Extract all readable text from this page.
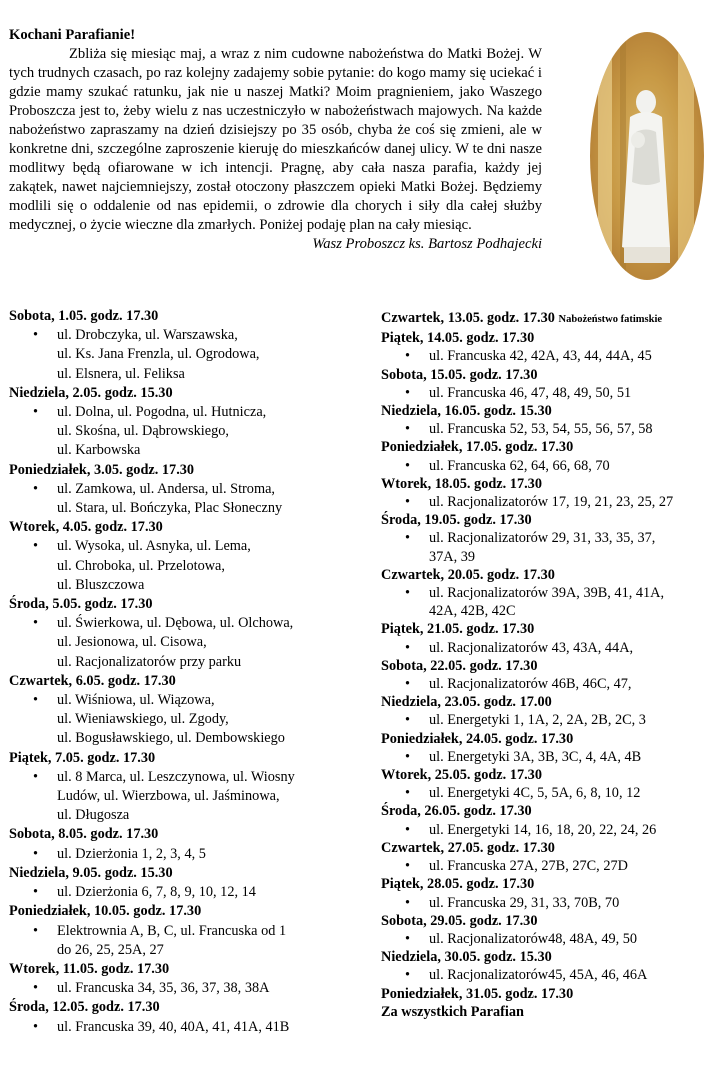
Kochani Parafianie!
Zbliża się miesiąc maj, a wraz z nim cudowne nabożeństwa do Matki Bożej. W tych trudnych czasach, po raz kolejny zadajemy sobie pytanie: do kogo mamy się uciekać i gdzie mamy szukać ratunku, jak nie u naszej Matki? Moim pragnieniem, jako Waszego Proboszcza jest to, żeby wielu z nas uczestniczyło w nabożeństwach majowych. Na każde nabożeństwo zapraszamy na dzień dzisiejszy po 35 osób, chyba że coś się zmieni, ale w konkretne dni, szczególne zaproszenie kieruję do mieszkańców danej ulicy. W te dni nasze modlitwy będą ofiarowane w ich intencji. Pragnę, aby cała nasza parafia, każdy jej zakątek, nawet najciemniejszy, został otoczony płaszczem opieki Matki Bożej. Będziemy modlili się o oddalenie od nas epidemii, o zdrowie dla chorych i siły dla całej służby medycznej, o życie wieczne dla zmarłych. Poniżej podaję plan na cały miesiąc.
Wasz Proboszcz ks. Bartosz Podhajecki
Sobota, 1.05. godz. 17.30
• ul. Drobczyka, ul. Warszawska,
ul. Ks. Jana Frenzla, ul. Ogrodowa,
ul. Elsnera, ul. Feliksa
Niedziela, 2.05. godz. 15.30
• ul. Dolna, ul. Pogodna, ul. Hutnicza,
ul. Skośna, ul. Dąbrowskiego,
ul. Karbowska
Poniedziałek, 3.05. godz. 17.30
• ul. Zamkowa, ul. Andersa, ul. Stroma,
ul. Stara, ul. Bończyka, Plac Słoneczny
Wtorek, 4.05. godz. 17.30
• ul. Wysoka, ul. Asnyka, ul. Lema,
ul. Chroboka, ul. Przelotowa,
ul. Bluszczowa
Środa, 5.05. godz. 17.30
• ul. Świerkowa, ul. Dębowa, ul. Olchowa,
ul. Jesionowa, ul. Cisowa,
ul. Racjonalizatorów przy parku
Czwartek, 6.05. godz. 17.30
• ul. Wiśniowa, ul. Wiązowa,
ul. Wieniawskiego, ul. Zgody,
ul. Bogusławskiego, ul. Dembowskiego
Piątek, 7.05. godz. 17.30
• ul. 8 Marca, ul. Leszczynowa, ul. Wiosny
Ludów, ul. Wierzbowa, ul. Jaśminowa,
ul. Długosza
Sobota, 8.05. godz. 17.30
• ul. Dzierżonia 1, 2, 3, 4, 5
Niedziela, 9.05. godz. 15.30
• ul. Dzierżonia 6, 7, 8, 9, 10, 12, 14
Poniedziałek, 10.05. godz. 17.30
• Elektrownia A, B, C, ul. Francuska od 1
do 26, 25, 25A, 27
Wtorek, 11.05. godz. 17.30
• ul. Francuska 34, 35, 36, 37, 38, 38A
Środa, 12.05. godz. 17.30
• ul. Francuska 39, 40, 40A, 41, 41A, 41B
Czwartek, 13.05. godz. 17.30 Nabożeństwo fatimskie
Piątek, 14.05. godz. 17.30
• ul. Francuska 42, 42A, 43, 44, 44A, 45
Sobota, 15.05. godz. 17.30
• ul. Francuska 46, 47, 48, 49, 50, 51
Niedziela, 16.05. godz. 15.30
• ul. Francuska 52, 53, 54, 55, 56, 57, 58
Poniedziałek, 17.05. godz. 17.30
• ul. Francuska 62, 64, 66, 68, 70
Wtorek, 18.05. godz. 17.30
• ul. Racjonalizatorów 17, 19, 21, 23, 25, 27
Środa, 19.05. godz. 17.30
• ul. Racjonalizatorów 29, 31, 33, 35, 37,
37A, 39
Czwartek, 20.05. godz. 17.30
• ul. Racjonalizatorów 39A, 39B, 41, 41A,
42A, 42B, 42C
Piątek, 21.05. godz. 17.30
• ul. Racjonalizatorów 43, 43A, 44A,
Sobota, 22.05. godz. 17.30
• ul. Racjonalizatorów 46B, 46C, 47,
Niedziela, 23.05. godz. 17.00
• ul. Energetyki 1, 1A, 2, 2A, 2B, 2C, 3
Poniedziałek, 24.05. godz. 17.30
• ul. Energetyki 3A, 3B, 3C, 4, 4A, 4B
Wtorek, 25.05. godz. 17.30
• ul. Energetyki 4C, 5, 5A, 6, 8, 10, 12
Środa, 26.05. godz. 17.30
• ul. Energetyki 14, 16, 18, 20, 22, 24, 26
Czwartek, 27.05. godz. 17.30
• ul. Francuska 27A, 27B, 27C, 27D
Piątek, 28.05. godz. 17.30
• ul. Francuska 29, 31, 33, 70B, 70
Sobota, 29.05. godz. 17.30
• ul. Racjonalizatorów48, 48A, 49, 50
Niedziela, 30.05. godz. 15.30
• ul. Racjonalizatorów45, 45A, 46, 46A
Poniedziałek, 31.05. godz. 17.30
Za wszystkich Parafian
